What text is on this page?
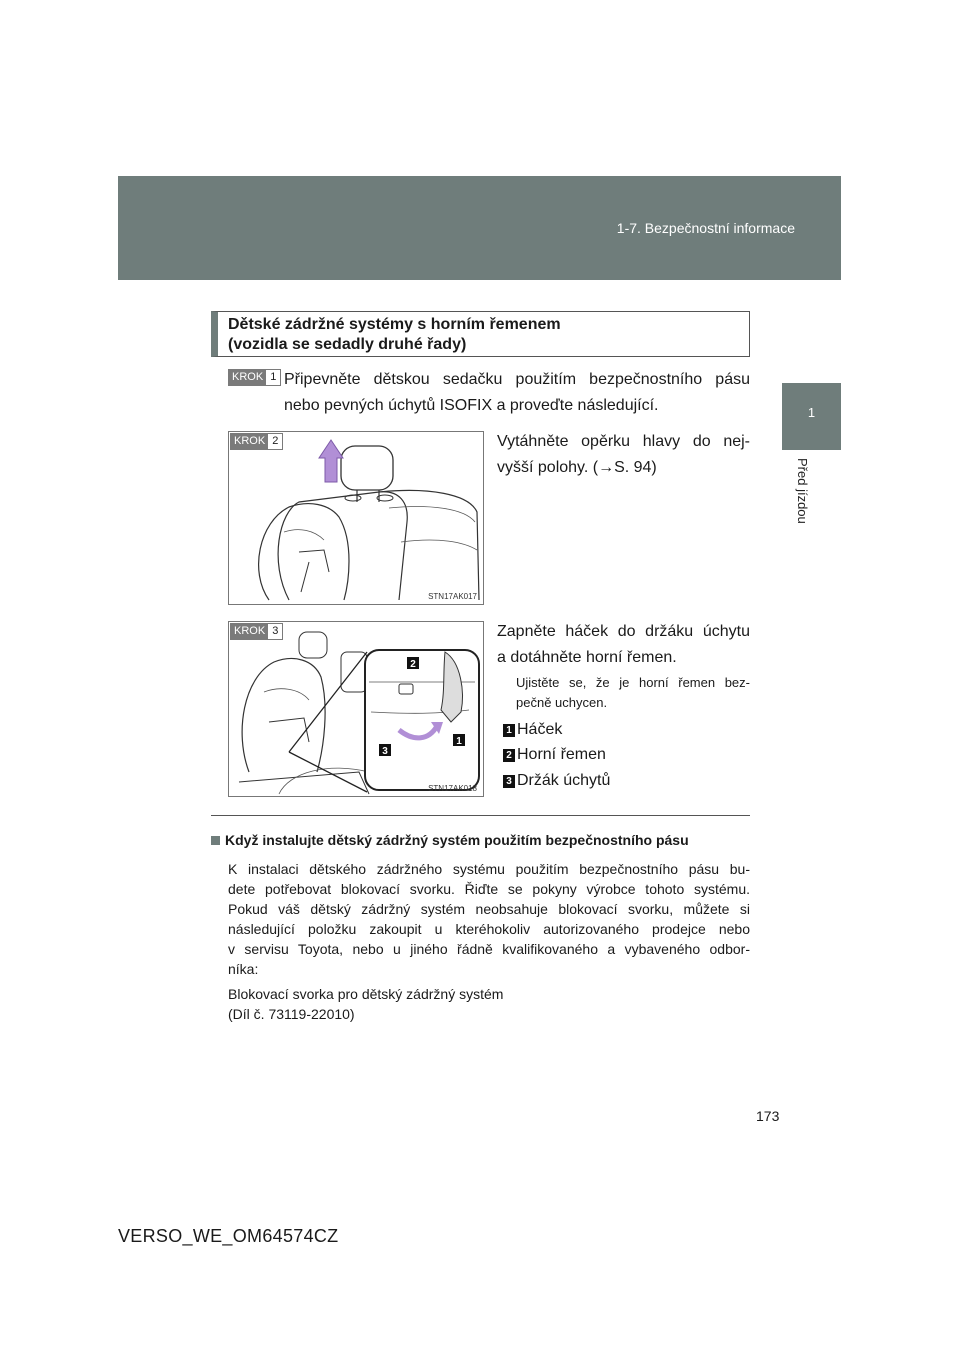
1-7. Bezpečnostní informace
1
Před jízdou
Dětské zádržné systémy s horním řemenem
(vozidla se sedadly druhé řady)
KROK 1 Připevněte dětskou sedačku použitím bezpečnostního pásu
nebo pevných úchytů ISOFIX a proveďte následující.
STN17AK017
KROK 2	Vytáhněte opěrku hlavy do nej-
vyšší polohy. (→S. 94)
2
3
1
STN17AK018
KROK 3	Zapněte háček do držáku úchytu
a dotáhněte horní řemen.
Ujistěte se, že je horní řemen bez-
pečně uchycen.
1 Háček
2 Horní řemen
3 Držák úchytů
Když instalujte dětský zádržný systém použitím bezpečnostního pásu
K instalaci dětského zádržného systému použitím bezpečnostního pásu bu-
dete potřebovat blokovací svorku. Řiďte se pokyny výrobce tohoto systému.
Pokud váš dětský zádržný systém neobsahuje blokovací svorku, můžete si
následující položku zakoupit u kteréhokoliv autorizovaného prodejce nebo
v servisu Toyota, nebo u jiného řádně kvalifikovaného a vybaveného odbor-
níka:
Blokovací svorka pro dětský zádržný systém
(Díl č. 73119-22010)
173
VERSO_WE_OM64574CZ
